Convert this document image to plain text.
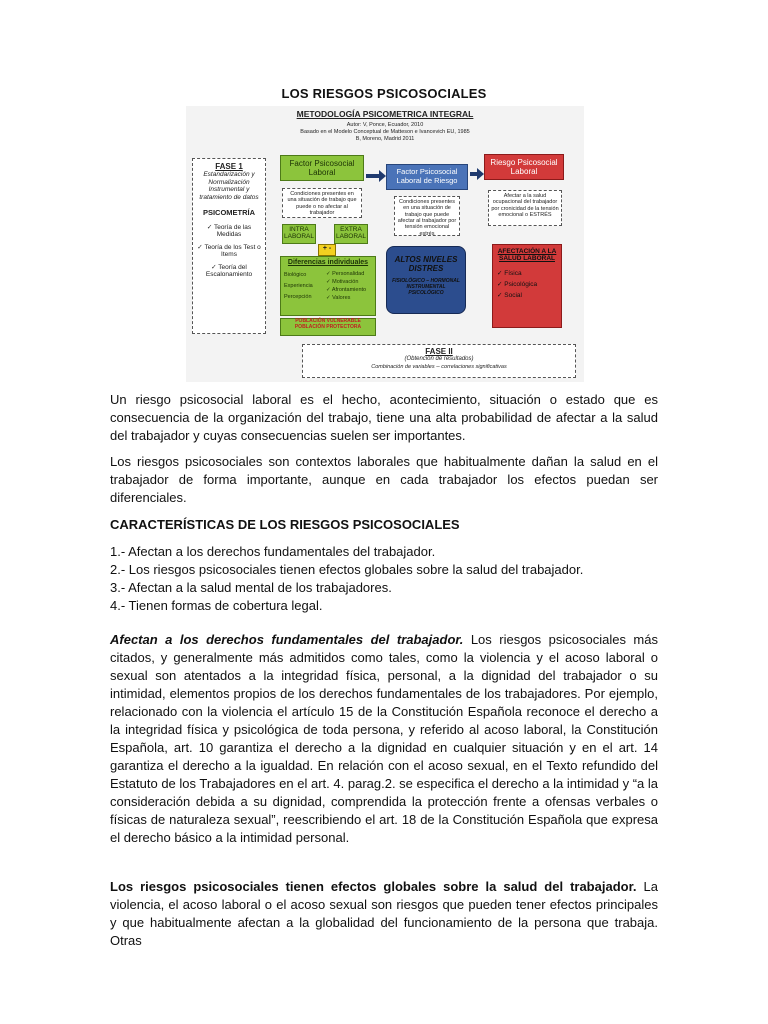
LOS RIESGOS PSICOSOCIALES
METODOLOGÍA PSICOMETRICA INTEGRAL
Autor: V, Ponce, Ecuador, 2010
Basado en el Modelo Conceptual de Matteson e Ivancevich EU, 1985
B, Moreno, Madrid 2011
FASE 1
Estandarización y Normalización Instrumental y tratamiento de datos
PSICOMETRÍA
✓ Teoría de las Medidas
✓ Teoría de los Test o Items
✓ Teoría del Escalonamiento
Factor Psicosocial Laboral	Factor Psicosocial Laboral de Riesgo
Riesgo Psicosocial Laboral
Condiciones presentes en una situación de trabajo que puede o no afectar al trabajador
Condiciones presentes en una situación de trabajo que puede afectar al trabajador por tensión emocional estrés
Afectar a la salud ocupacional del trabajador por cronicidad de la tensión emocional o ESTRÉS
INTRA LABORAL
EXTRA LABORAL
+ -
Diferencias individuales
Biológico
Experiencia
Percepción
✓ Personalidad
✓ Motivación
✓ Afrontamiento
✓ Valores
POBLACIÓN VULNERABLE
POBLACIÓN PROTECTORA
ALTOS NIVELES DISTRES
FISIOLÓGICO – HORMONAL INSTRUMENTAL PSICOLÓGICO
AFECTACIÓN A LA SALUD LABORAL
✓ Física
✓ Psicológica
✓ Social
FASE II
(Obtención de resultados)
Combinación de variables -- correlaciones significativas
Un riesgo psicosocial laboral es el hecho, acontecimiento, situación o estado que es consecuencia de la organización del trabajo, tiene una alta probabilidad de afectar a la salud del trabajador y cuyas consecuencias suelen ser importantes.
Los riesgos psicosociales son contextos laborales que habitualmente dañan la salud en el trabajador de forma importante, aunque en cada trabajador los efectos puedan ser diferenciales.
CARACTERÍSTICAS DE LOS RIESGOS PSICOSOCIALES
1.- Afectan a los derechos fundamentales del trabajador.
2.- Los riesgos psicosociales tienen efectos globales sobre la salud del trabajador.
3.- Afectan a la salud mental de los trabajadores.
4.- Tienen formas de cobertura legal.
Afectan a los derechos fundamentales del trabajador. Los riesgos psicosociales más citados, y generalmente más admitidos como tales, como la violencia y el acoso laboral o sexual son atentados a la integridad física, personal, a la dignidad del trabajador o su intimidad, elementos propios de los derechos fundamentales de los trabajadores. Por ejemplo, relacionado con la violencia el artículo 15 de la Constitución Española reconoce el derecho a la integridad física y psicológica de toda persona, y referido al acoso laboral, la Constitución Española, art. 10 garantiza el derecho a la dignidad en cualquier situación y en el art. 14 garantiza el derecho a la igualdad. En relación con el acoso sexual, en el Texto refundido del Estatuto de los Trabajadores en el art. 4. parag.2. se especifica el derecho a la intimidad y “a la consideración debida a su dignidad, comprendida la protección frente a ofensas verbales o físicas de naturaleza sexual”, reescribiendo el art. 18 de la Constitución Española que expresa el derecho básico a la intimidad personal.
Los riesgos psicosociales tienen efectos globales sobre la salud del trabajador. La violencia, el acoso laboral o el acoso sexual son riesgos que pueden tener efectos principales y que habitualmente afectan a la globalidad del funcionamiento de la persona que trabaja. Otras
